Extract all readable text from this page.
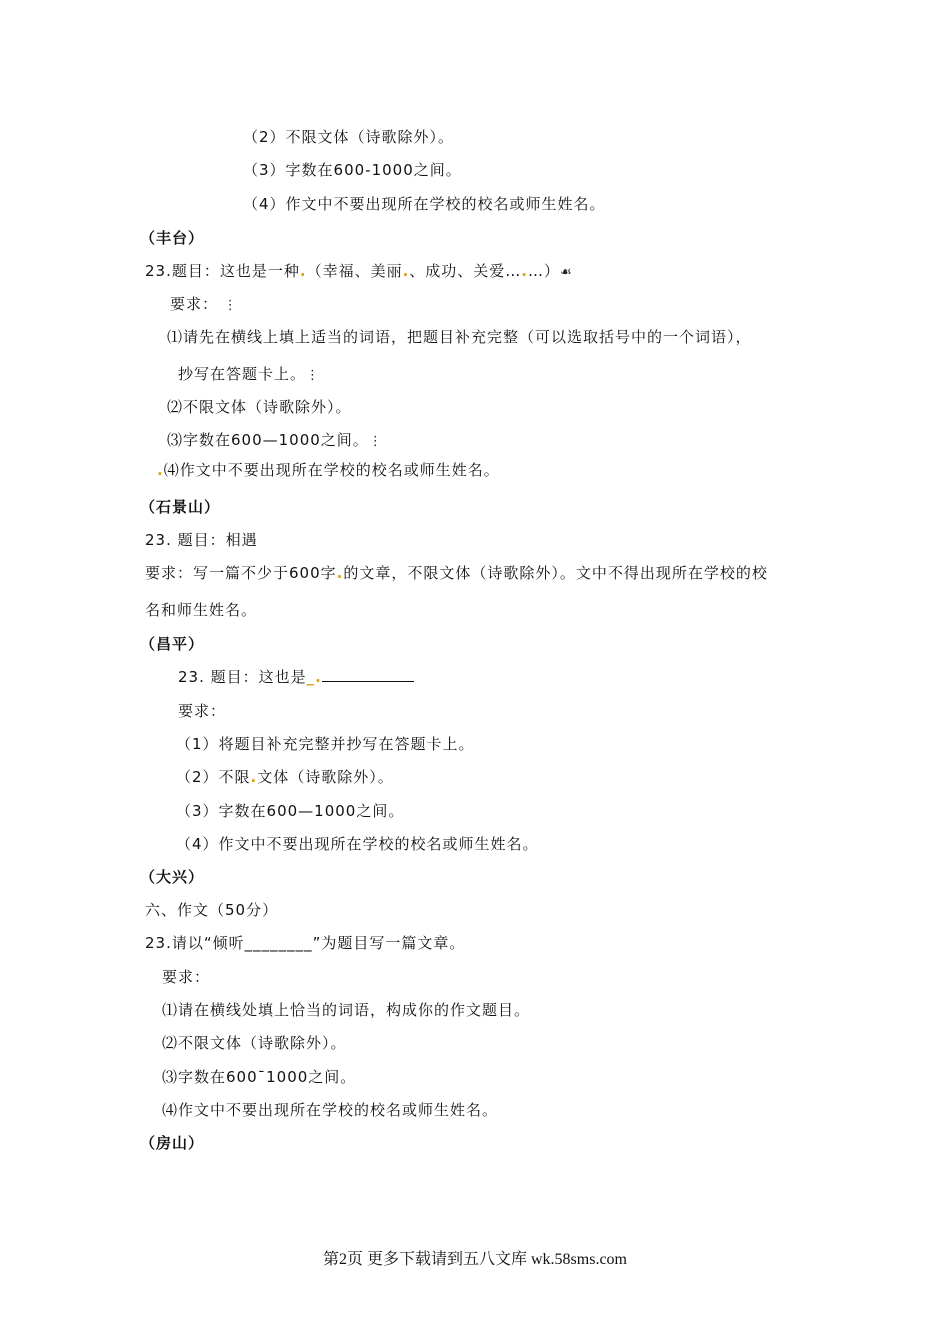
（2）不限文体（诗歌除外）。
（3）字数在600-1000之间。
（4）作文中不要出现所在学校的校名或师生姓名。
（丰台）
23.题目：这也是一种.（幸福、美丽.、成功、关爱….…）☙
要求： ⋮
⑴请先在横线上填上适当的词语，把题目补充完整（可以选取括号中的一个词语），
抄写在答题卡上。⋮
⑵不限文体（诗歌除外）。
⑶字数在600—1000之间。⋮
.⑷作文中不要出现所在学校的校名或师生姓名。
（石景山）
23. 题目：相遇
要求：写一篇不少于600字.的文章，不限文体（诗歌除外）。文中不得出现所在学校的校
名和师生姓名。
（昌平）
23. 题目：这也是_.
要求：
（1）将题目补充完整并抄写在答题卡上。
（2）不限.文体（诗歌除外）。
（3）字数在600—1000之间。
（4）作文中不要出现所在学校的校名或师生姓名。
（大兴）
六、作文（50分）
23.请以“倾听________”为题目写一篇文章。
要求：
⑴请在横线处填上恰当的词语，构成你的作文题目。
⑵不限文体（诗歌除外）。
⑶字数在600¯1000之间。
⑷作文中不要出现所在学校的校名或师生姓名。
（房山）
第2页 更多下载请到五八文库 wk.58sms.com
